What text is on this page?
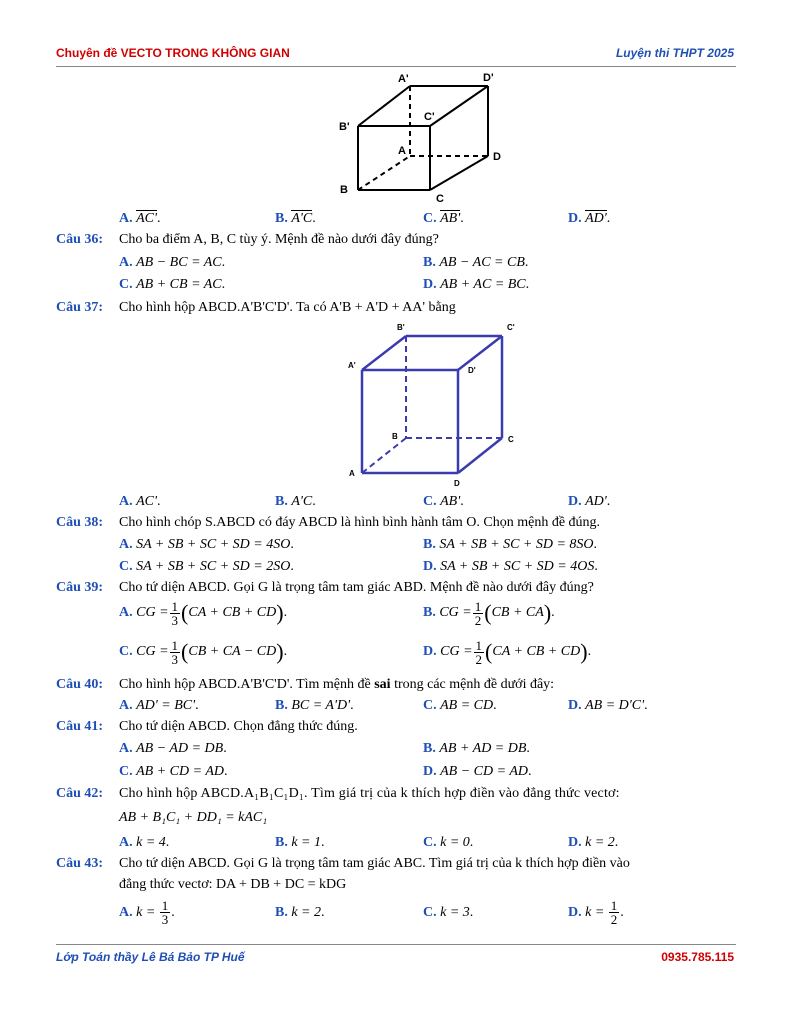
Chuyên đề VECTO TRONG KHÔNG GIAN	Luyện thi THPT 2025
A'	D'
B'
C'
A	D
B
C
A. AC'.	B. A'C.	C. AB'.	D. AD'.
Câu 36: Cho ba điểm A, B, C tùy ý. Mệnh đề nào dưới đây đúng?
A. AB − BC = AC.	B. AB − AC = CB.
C. AB + CB = AC.	D. AB + AC = BC.
Câu 37: Cho hình hộp ABCD.A'B'C'D'. Ta có A'B + A'D + AA' bằng
B'	C'
A'
D'
B	C
A
D
A. AC'.	B. A'C.	C. AB'.	D. AD'.
Câu 38: Cho hình chóp S.ABCD có đáy ABCD là hình bình hành tâm O. Chọn mệnh đề đúng.
A. SA + SB + SC + SD = 4SO.	B. SA + SB + SC + SD = 8SO.
C. SA + SB + SC + SD = 2SO.	D. SA + SB + SC + SD = 4OS.
Câu 39: Cho tứ diện ABCD. Gọi G là trọng tâm tam giác ABD. Mệnh đề nào dưới đây đúng?
A. CG = $\frac{1}{3} (CA$ + CB + CD).	B. CG = $\frac{1}{2} (CB + CA)$.
C. CG = $\frac{1}{3} (CB$ + CA − CD).	D. CG = $\frac{1}{2} (CA$ + CB + CD).
Câu 40: Cho hình hộp ABCD.A'B'C'D'. Tìm mệnh đề sai trong các mệnh đề dưới đây:
A. AD' = BC'.	B. BC = A'D'.	C. AB = CD.	D. AB = D'C'.
Câu 41: Cho tứ diện ABCD. Chọn đẳng thức đúng.
A. AB − AD = DB.	B. AB + AD = DB.
C. AB + CD = AD.	D. AB − CD = AD.
Câu 42: Cho hình hộp ABCD.A₁B₁C₁D₁. Tìm giá trị của k thích hợp điền vào đẳng thức vectơ:
AB + B₁C₁ + DD₁ = kAC₁
A. k = 4.	B. k = 1.	C. k = 0.	D. k = 2.
Câu 43: Cho tứ diện ABCD. Gọi G là trọng tâm tam giác ABC. Tìm giá trị của k thích hợp điền vào
đẳng thức vectơ: DA + DB + DC = kDG
A. $k = \frac{1}{3}$ .	B. k = 2.	C. k = 3.	D. $k = \frac{1}{2}$ .
Lớp Toán thầy Lê Bá Bảo TP Huế	0935.785.115
